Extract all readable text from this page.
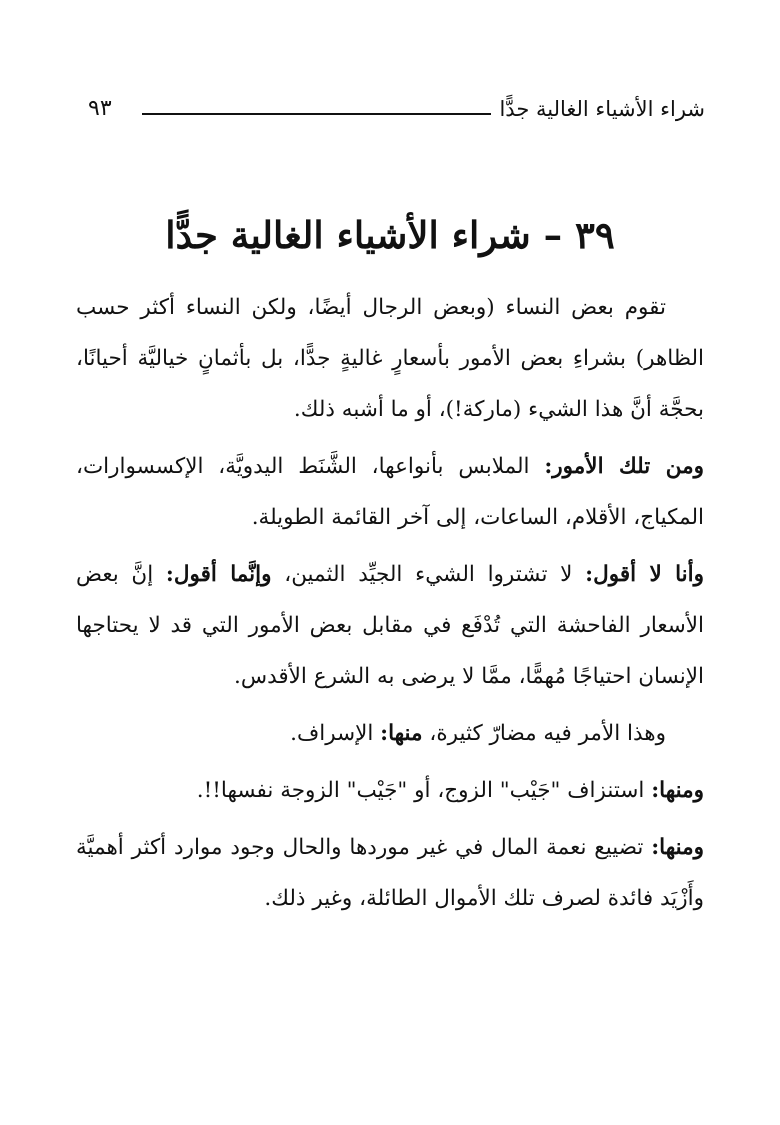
شراء الأشياء الغالية جدًّا
٩٣
٣٩ – شراء الأشياء الغالية جدًّا

تقوم بعض النساء (وبعض الرجال أيضًا، ولكن النساء أكثر حسب الظاهر) بشراءِ بعض الأمور بأسعارٍ غاليةٍ جدًّا، بل بأثمانٍ خياليَّة أحيانًا، بحجَّة أنَّ هذا الشيء (ماركة!)، أو ما أشبه ذلك.

ومن تلك الأمور: الملابس بأنواعها، الشَّنَط اليدويَّة، الإكسسوارات، المكياج، الأقلام، الساعات، إلى آخر القائمة الطويلة.

وأنا لا أقول: لا تشتروا الشيء الجيِّد الثمين، وإنَّما أقول: إنَّ بعض الأسعار الفاحشة التي تُدْفَع في مقابل بعض الأمور التي قد لا يحتاجها الإنسان احتياجًا مُهمًّا، ممَّا لا يرضى به الشرع الأقدس.

وهذا الأمر فيه مضارّ كثيرة، منها: الإسراف.

ومنها: استنزاف "جَيْب" الزوج، أو "جَيْب" الزوجة نفسها!!.

ومنها: تضييع نعمة المال في غير موردها والحال وجود موارد أكثر أهميَّة وأَزْيَد فائدة لصرف تلك الأموال الطائلة، وغير ذلك.
